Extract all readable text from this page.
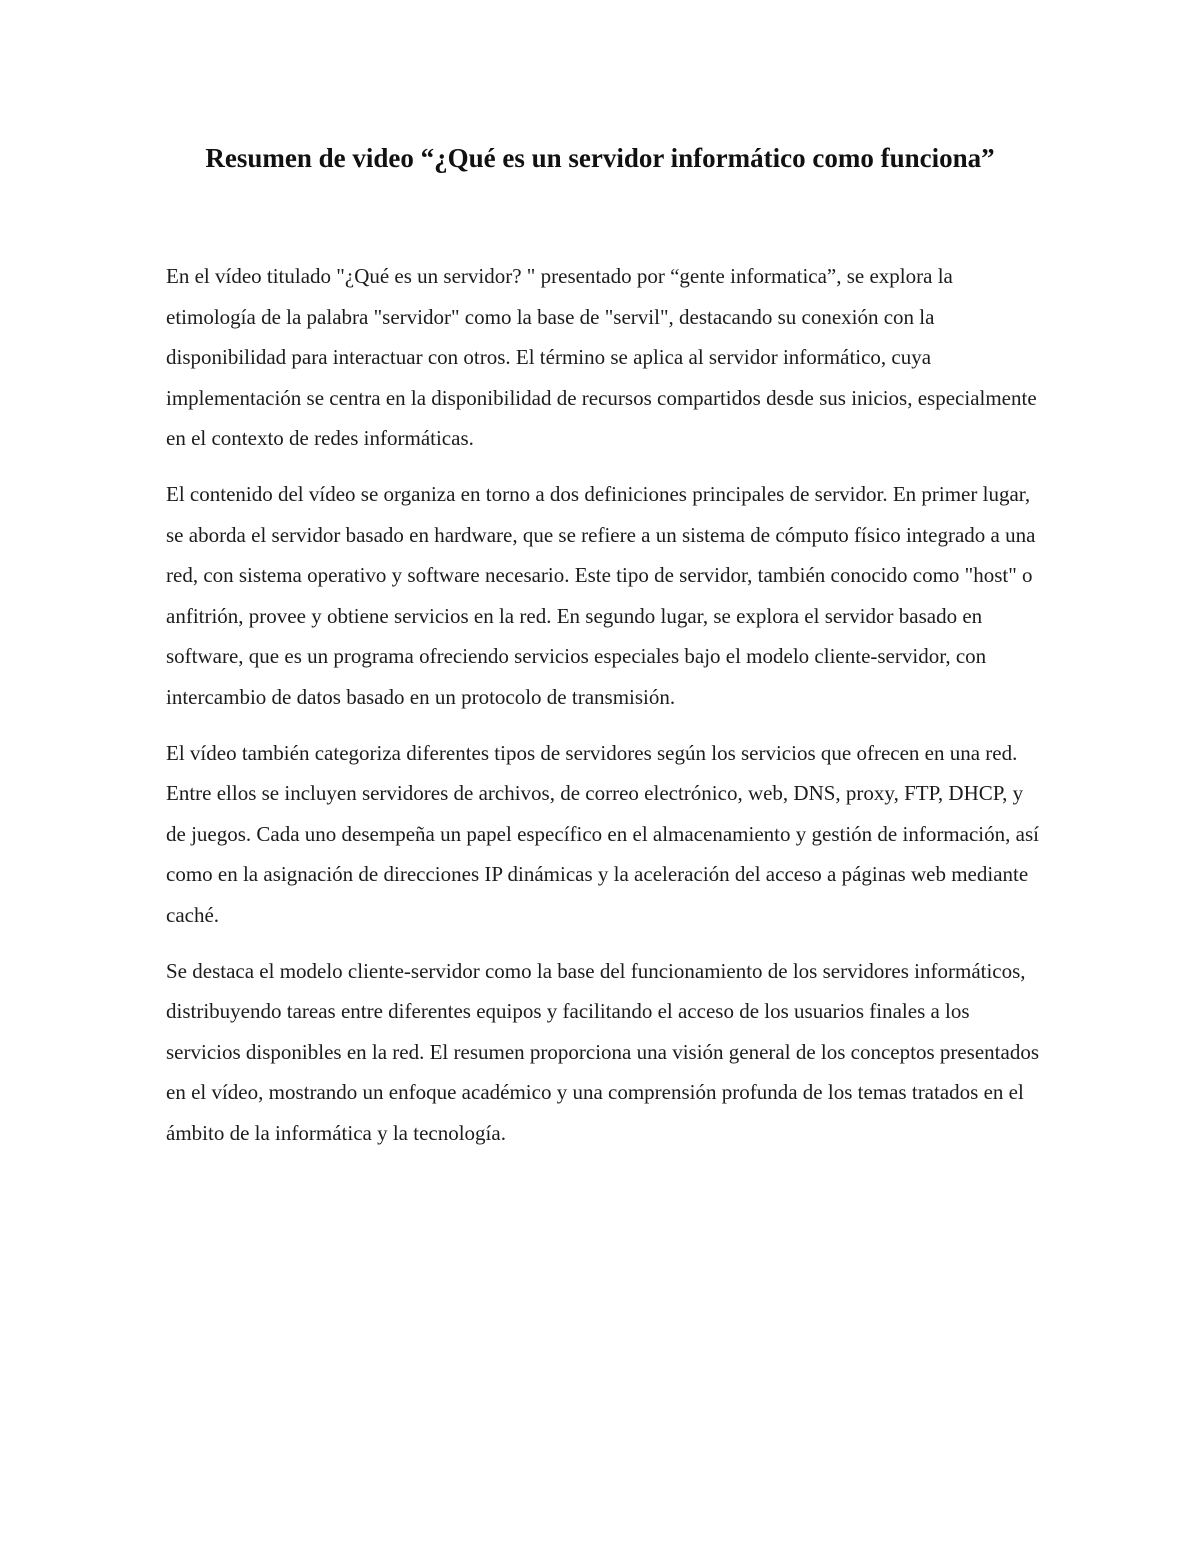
Resumen de video “¿Qué es un servidor informático como funciona”

En el vídeo titulado "¿Qué es un servidor? " presentado por “gente informatica”, se explora la etimología de la palabra "servidor" como la base de "servil", destacando su conexión con la disponibilidad para interactuar con otros. El término se aplica al servidor informático, cuya implementación se centra en la disponibilidad de recursos compartidos desde sus inicios, especialmente en el contexto de redes informáticas.

El contenido del vídeo se organiza en torno a dos definiciones principales de servidor. En primer lugar, se aborda el servidor basado en hardware, que se refiere a un sistema de cómputo físico integrado a una red, con sistema operativo y software necesario. Este tipo de servidor, también conocido como "host" o anfitrión, provee y obtiene servicios en la red. En segundo lugar, se explora el servidor basado en software, que es un programa ofreciendo servicios especiales bajo el modelo cliente-servidor, con intercambio de datos basado en un protocolo de transmisión.

El vídeo también categoriza diferentes tipos de servidores según los servicios que ofrecen en una red. Entre ellos se incluyen servidores de archivos, de correo electrónico, web, DNS, proxy, FTP, DHCP, y de juegos. Cada uno desempeña un papel específico en el almacenamiento y gestión de información, así como en la asignación de direcciones IP dinámicas y la aceleración del acceso a páginas web mediante caché.

Se destaca el modelo cliente-servidor como la base del funcionamiento de los servidores informáticos, distribuyendo tareas entre diferentes equipos y facilitando el acceso de los usuarios finales a los servicios disponibles en la red. El resumen proporciona una visión general de los conceptos presentados en el vídeo, mostrando un enfoque académico y una comprensión profunda de los temas tratados en el ámbito de la informática y la tecnología.
